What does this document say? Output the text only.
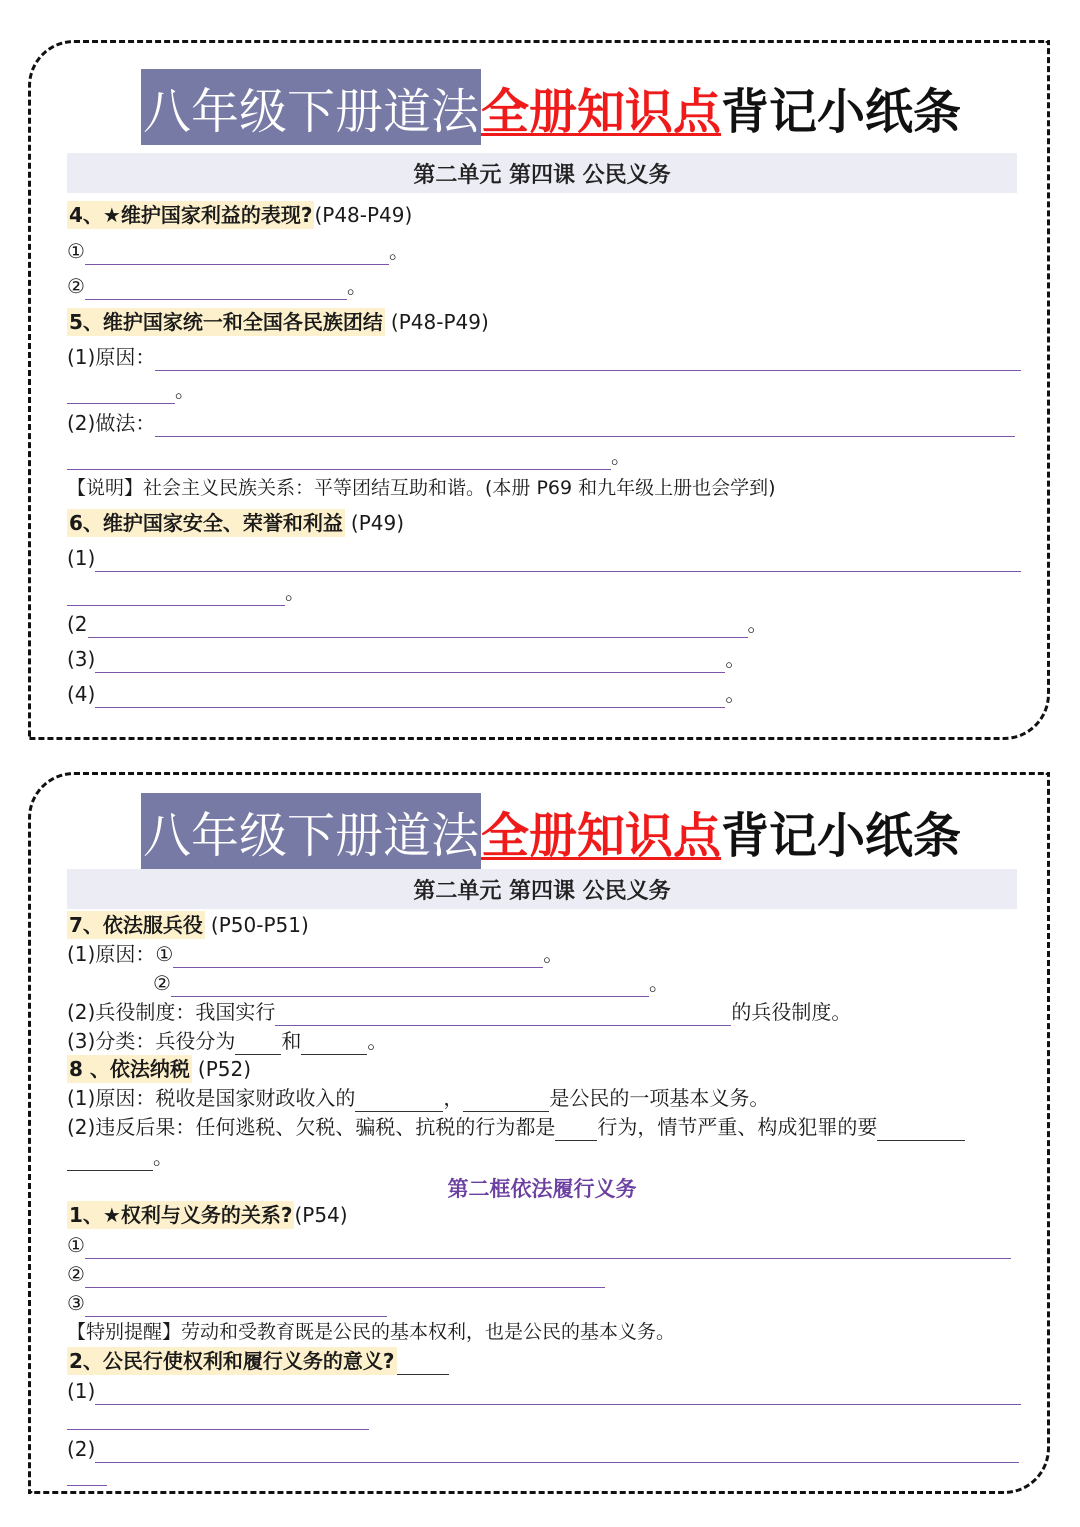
八年级下册道法 全册知识点 背记小纸条
第二单元 第四课 公民义务
4、★维护国家利益的表现? (P48-P49)
①	。
②	。
5、维护国家统一和全国各民族团结 (P48-P49)
(1)原因：
。
(2)做法：
。
【说明】社会主义民族关系：平等团结互助和谐。(本册 P69 和九年级上册也会学到)
6、维护国家安全、荣誉和利益 (P49)
(1)
。
(2	。
(3)	。
(4)	。
八年级下册道法 全册知识点 背记小纸条
第二单元 第四课 公民义务
7、依法服兵役 (P50-P51)
(1)原因：①	。
②	。
(2)兵役制度：我国实行	的兵役制度。
(3)分类：兵役分为 和	。
8 、依法纳税 (P52)
(1)原因：税收是国家财政收入的	，	是公民的一项基本义务。
(2)违反后果：任何逃税、欠税、骗税、抗税的行为都是 行为，情节严重、构成犯罪的要
。
第二框依法履行义务
1、★权利与义务的关系? (P54)
①
②
③
【特别提醒】劳动和受教育既是公民的基本权利，也是公民的基本义务。
2、公民行使权利和履行义务的意义?
(1)
(2)
